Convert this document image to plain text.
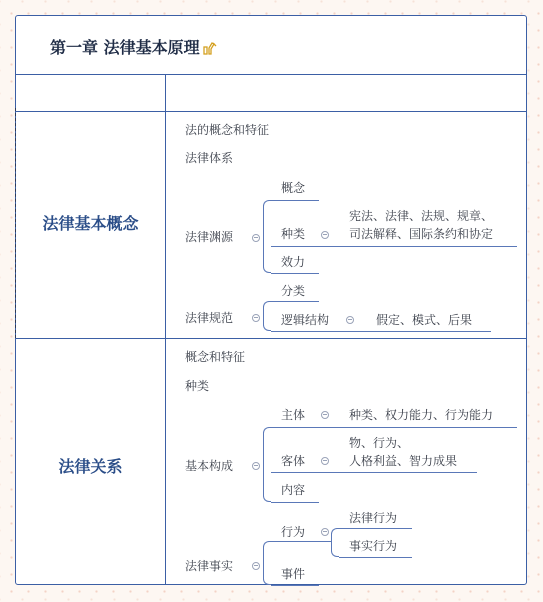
第一章 法律基本原理
法律基本概念
法律关系
法的概念和特征
法律体系
法律渊源
概念
种类
宪法、法律、法规、规章、
司法解释、国际条约和协定
效力
法律规范
分类
逻辑结构	假定、模式、后果
概念和特征
种类
基本构成
主体	种类、权力能力、行为能力
客体
物、行为、
人格利益、智力成果
内容
法律事实
行为
法律行为
事实行为
事件
